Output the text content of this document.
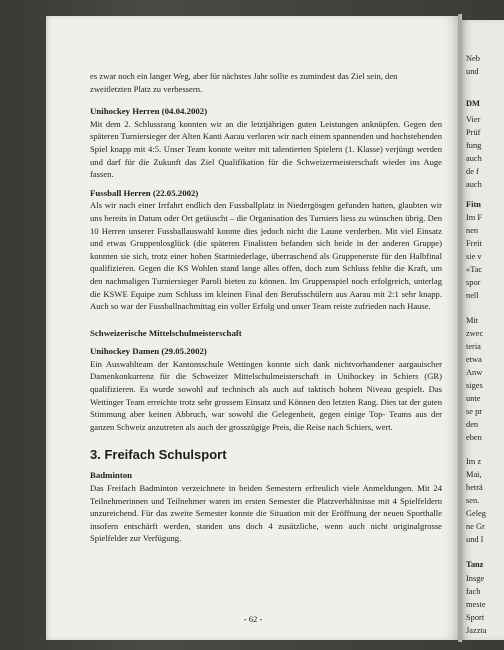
es zwar noch ein langer Weg, aber für nächstes Jahr sollte es zumindest das Ziel sein, den

zweitletzten Platz zu verbessern.

Unihockey Herren (04.04.2002)

Mit dem 2. Schlussrang konnten wir an die letztjährigen guten Leistungen anknüpfen. Gegen den späteren Turniersieger der Alten Kanti Aarau verloren wir nach einem spannenden und hochstehenden Spiel knapp mit 4:5. Unser Team konnte weiter mit talentierten Spielern (1. Klasse) verjüngt werden und darf für die Zukunft das Ziel Qualifikation für die Schweizermeisterschaft wieder ins Auge fassen.

Fussball Herren (22.05.2002)

Als wir nach einer Irrfahrt endlich den Fussballplatz in Niedergösgen gefunden hatten, glaubten wir uns bereits in Datum oder Ort getäuscht – die Organisation des Turniers liess zu wünschen übrig. Den 10 Herren unserer Fussballauswahl konnte dies jedoch nicht die Laune verderben. Mit viel Einsatz und etwas Gruppenlosglück (die späteren Finalisten befanden sich beide in der anderen Gruppe) konnten sie sich, trotz einer hohen Startniederlage, überraschend als Gruppenerste für den Halbfinal qualifizieren. Gegen die KS Wohlen stand lange alles offen, doch zum Schluss fehlte die Kraft, um den nachmaligen Turniersieger Paroli bieten zu können. Im Gruppenspiel noch erfolgreich, unterlag die KSWE Equipe zum Schluss im kleinen Final den Berufsschülern aus Aarau mit 2:1 sehr knapp. Auch so war der Fussballnachmittag ein voller Erfolg und unser Team reiste zufrieden nach Hause.

Schweizerische Mittelschulmeisterschaft
Unihockey Damen (29.05.2002)

Ein Auswahlteam der Kantonsschule Wettingen konnte sich dank nichtvorhandener aargauischer Damenkonkurrenz für die Schweizer Mittelschulmeisterschaft in Unihockey in Schiers (GR) qualifizieren. Es wurde sowohl auf technisch als auch auf taktisch hohem Niveau gespielt. Das Wettinger Team erreichte trotz sehr grossem Einsatz und Können den letzten Rang. Dies tat der guten Stimmung aber keinen Abbruch, war sowohl die Gelegenheit, gegen einige Top- Teams aus der ganzen Schweiz anzutreten als auch der grosszügige Preis, die Reise nach Schiers, wert.

3. Freifach Schulsport
Badminton

Das Freifach Badminton verzeichnete in beiden Semestern erfreulich viele Anmeldungen. Mit 24 Teilnehmerinnen und Teilnehmer waren im ersten Semester die Platzverhältnisse mit 4 Spielfeldern unzureichend. Für das zweite Semester konnte die Situation mit der Eröffnung der neuen Sporthalle insofern entschärft werden, standen uns doch 4 zusätzliche, wenn auch nicht originalgrosse Spielfelder zur Verfügung.

- 62 -
Neb
und
DM
Vier
Prüf
fung
auch
de f
auch
Fitn
Im F
nen
Freit
sie v
«Tac
spor
nell
Mit
zwec
teria
etwa
Anw
siges
unte
se pr
den
eben
Im z
Mai,
beträ
sen.
Geleg
ne Gr
und I
Tanz
Insge
fach
meste
Sport
Jazzta
